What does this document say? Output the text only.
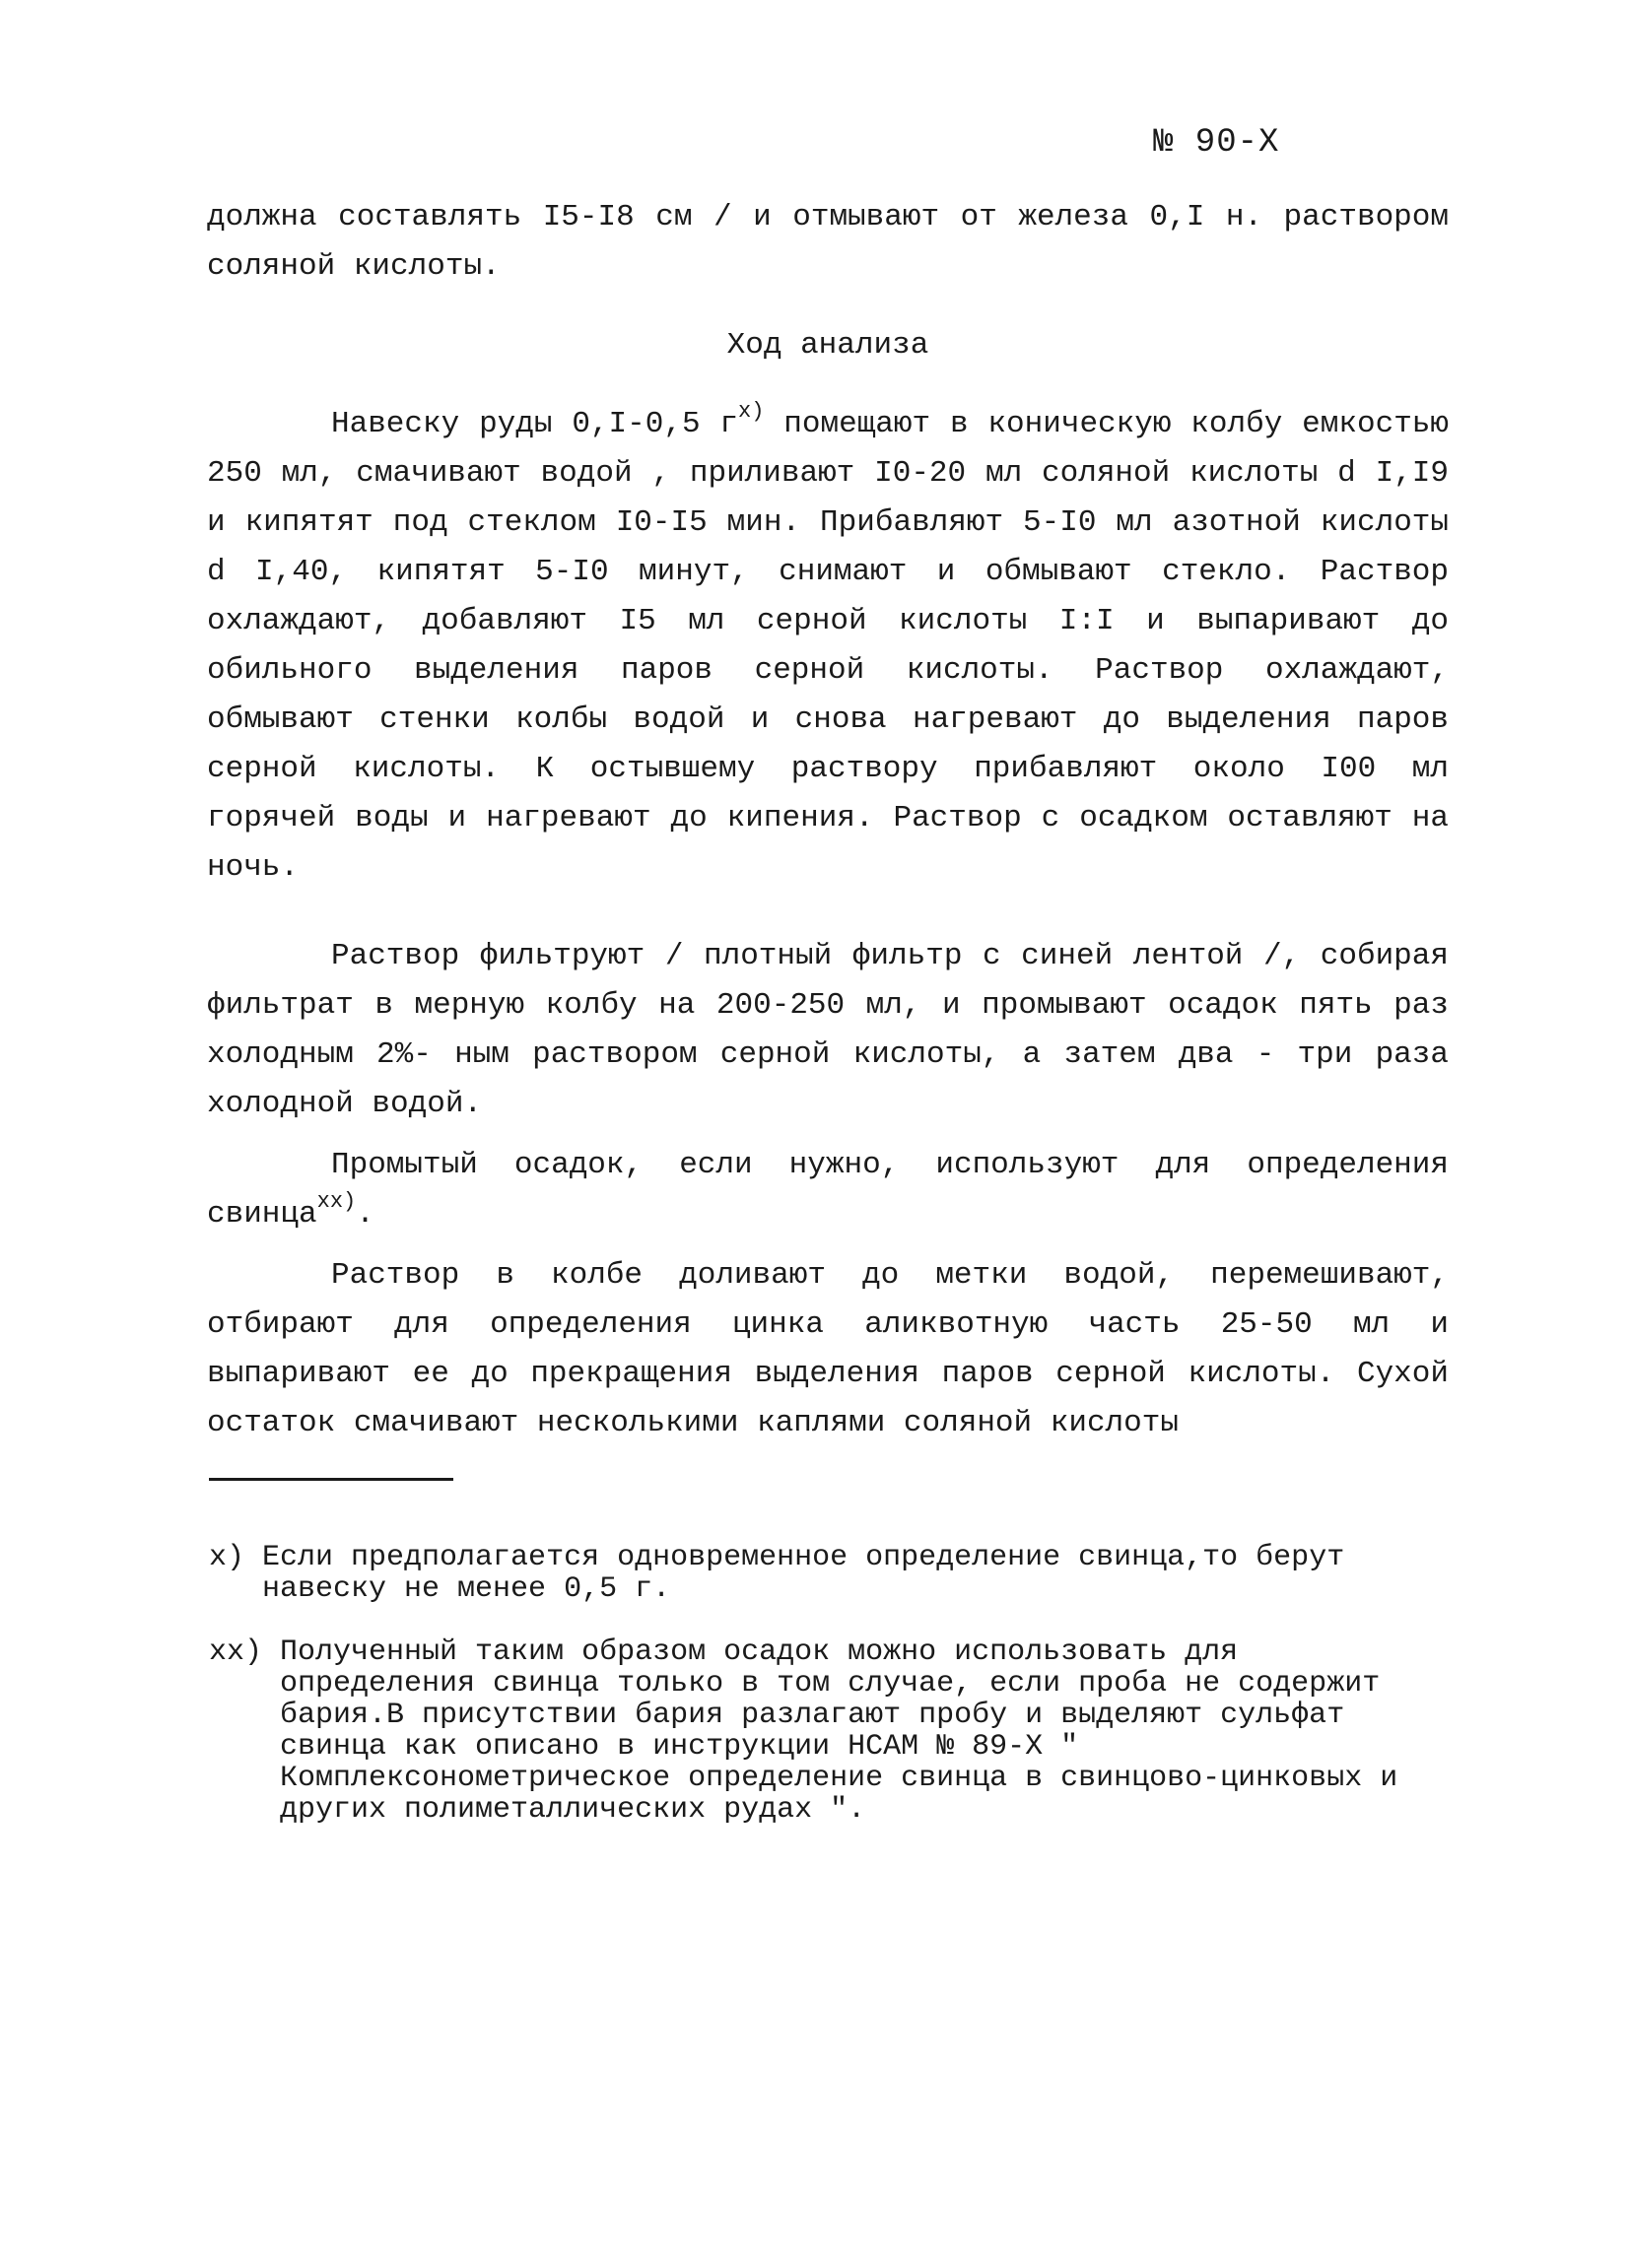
№ 90-Х

должна составлять I5-I8 см / и отмывают от железа 0,I н. раствором соляной кислоты.

Ход анализа

Навеску руды 0,I-0,5 $г^{х)}$ помещают в коническую колбу емкостью 250 мл, смачивают водой , приливают I0-20 мл соляной кислоты d I,I9 и кипятят под стеклом I0-I5 мин. Прибавляют 5-I0 мл азотной кислоты d I,40, кипятят 5-I0 минут, снимают и обмывают стекло. Раствор охлаждают, добавляют I5 мл серной кислоты I:I и выпаривают до обильного выделения паров серной кислоты. Раствор охлаждают, обмывают стенки колбы водой и снова нагревают до выделения паров серной кислоты. К остывшему раствору прибавляют около I00 мл горячей воды и нагревают до кипения. Раствор с осадком оставляют на ночь.

Раствор фильтруют / плотный фильтр с синей лентой /, собирая фильтрат в мерную колбу на 200-250 мл, и промывают осадок пять раз холодным 2%- ным раствором серной кислоты, а затем два - три раза холодной водой.

Промытый осадок, если нужно, используют для определения свинца$^{хх)}$.

Раствор в колбе доливают до метки водой, перемешивают, отбирают для определения цинка аликвотную часть 25-50 мл и выпаривают ее до прекращения выделения паров серной кислоты. Сухой остаток смачивают несколькими каплями соляной кислоты

х) Если предполагается одновременное определение свинца,то берут навеску не менее 0,5 г.
хх) Полученный таким образом осадок можно использовать для определения свинца только в том случае, если проба не содержит бария.В присутствии бария разлагают пробу и выделяют сульфат свинца как описано в инструкции НСАМ № 89-Х " Комплексонометрическое определение свинца в свинцово-цинковых и других полиметаллических рудах ".
